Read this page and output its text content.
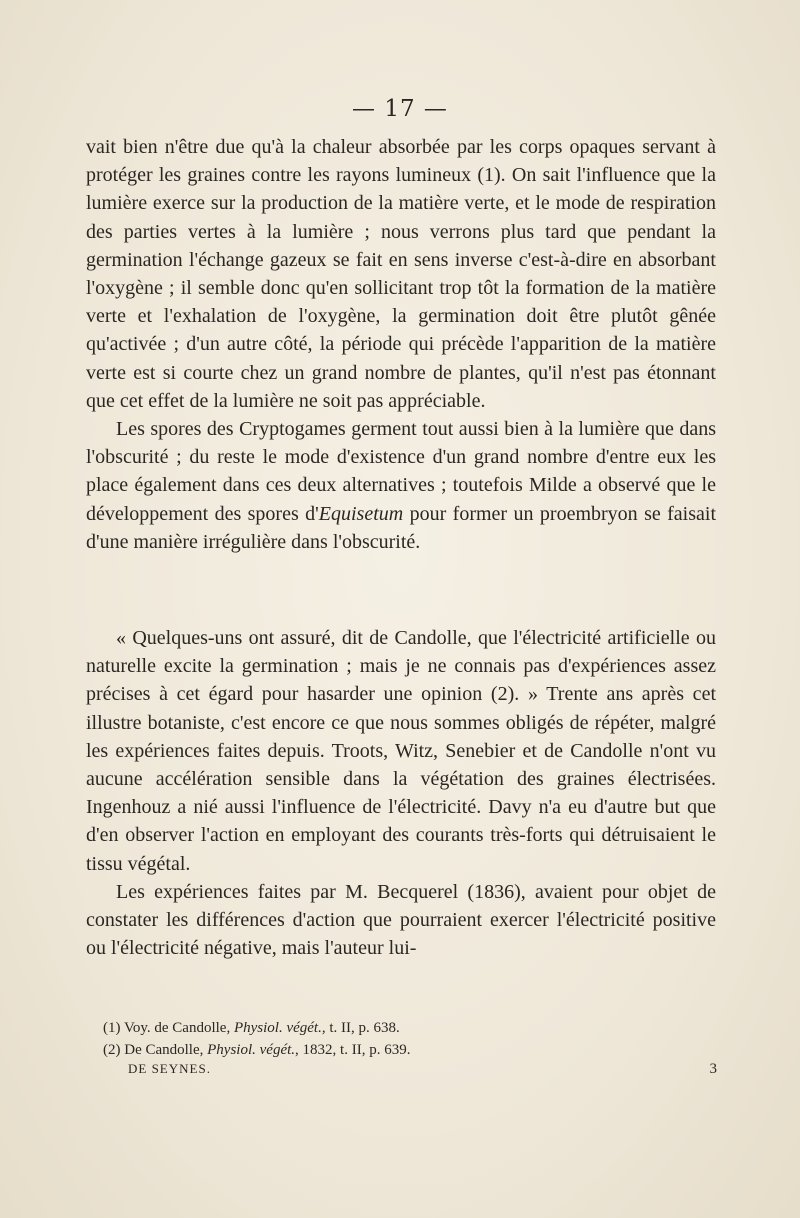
— 17 —

vait bien n'être due qu'à la chaleur absorbée par les corps opaques servant à protéger les graines contre les rayons lumineux (1). On sait l'influence que la lumière exerce sur la production de la matière verte, et le mode de respiration des parties vertes à la lumière ; nous verrons plus tard que pendant la germination l'échange gazeux se fait en sens inverse c'est-à-dire en absorbant l'oxygène ; il semble donc qu'en sollicitant trop tôt la formation de la matière verte et l'exhalation de l'oxygène, la germination doit être plutôt gênée qu'activée ; d'un autre côté, la période qui précède l'apparition de la matière verte est si courte chez un grand nombre de plantes, qu'il n'est pas étonnant que cet effet de la lumière ne soit pas appréciable.

Les spores des Cryptogames germent tout aussi bien à la lumière que dans l'obscurité ; du reste le mode d'existence d'un grand nombre d'entre eux les place également dans ces deux alternatives ; toutefois Milde a observé que le développement des spores d'Equisetum pour former un proembryon se faisait d'une manière irrégulière dans l'obscurité.

« Quelques-uns ont assuré, dit de Candolle, que l'électricité artificielle ou naturelle excite la germination ; mais je ne connais pas d'expériences assez précises à cet égard pour hasarder une opinion (2). » Trente ans après cet illustre botaniste, c'est encore ce que nous sommes obligés de répéter, malgré les expériences faites depuis. Troots, Witz, Senebier et de Candolle n'ont vu aucune accélération sensible dans la végétation des graines électrisées. Ingenhouz a nié aussi l'influence de l'électricité. Davy n'a eu d'autre but que d'en observer l'action en employant des courants très-forts qui détruisaient le tissu végétal.

Les expériences faites par M. Becquerel (1836), avaient pour objet de constater les différences d'action que pourraient exercer l'électricité positive ou l'électricité négative, mais l'auteur lui-

(1) Voy. de Candolle, Physiol. végét., t. II, p. 638.

(2) De Candolle, Physiol. végét., 1832, t. II, p. 639.

DE SEYNES.	3
